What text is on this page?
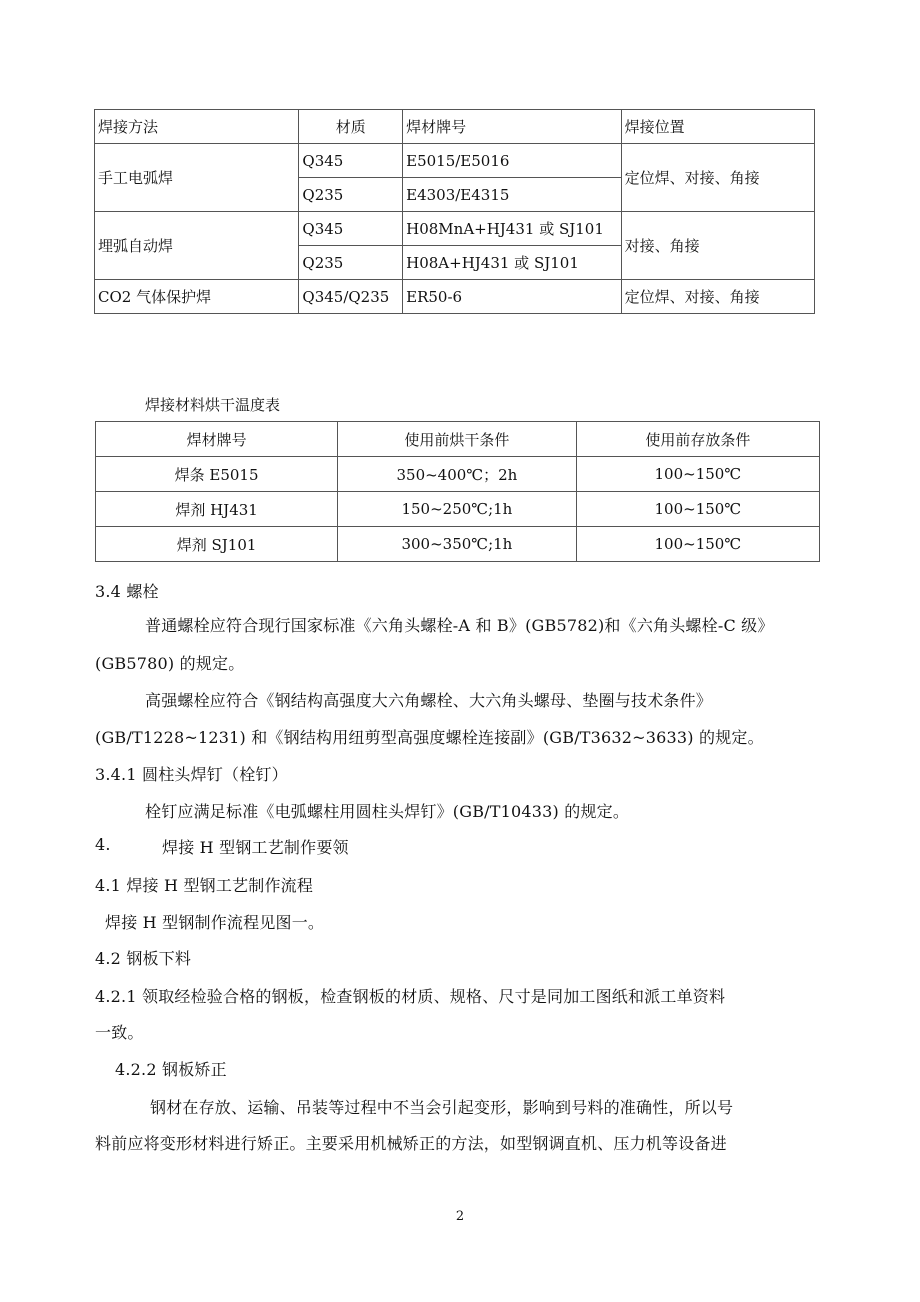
焊接方法	材质	焊材牌号	焊接位置
手工电弧焊	Q345	E5015/E5016	定位焊、对接、角接
	Q235	E4303/E4315	
埋弧自动焊	Q345	H08MnA+HJ431 或 SJ101	对接、角接
	Q235	H08A+HJ431 或 SJ101	
CO2 气体保护焊	Q345/Q235	ER50-6	定位焊、对接、角接
焊接材料烘干温度表
焊材牌号	使用前烘干条件	使用前存放条件
焊条 E5015	350~400℃；2h	100~150℃
焊剂 HJ431	150~250℃;1h	100~150℃
焊剂 SJ101	300~350℃;1h	100~150℃
3.4 螺栓
普通螺栓应符合现行国家标准《六角头螺栓-A 和 B》(GB5782)和《六角头螺栓-C 级》
(GB5780) 的规定。
高强螺栓应符合《钢结构高强度大六角螺栓、大六角头螺母、垫圈与技术条件》
(GB/T1228~1231) 和《钢结构用纽剪型高强度螺栓连接副》(GB/T3632~3633) 的规定。
3.4.1 圆柱头焊钉（栓钉）
栓钉应满足标准《电弧螺柱用圆柱头焊钉》(GB/T10433) 的规定。
4.	焊接 H 型钢工艺制作要领
4.1 焊接 H 型钢工艺制作流程
焊接 H 型钢制作流程见图一。
4.2 钢板下料
4.2.1 领取经检验合格的钢板，检查钢板的材质、规格、尺寸是同加工图纸和派工单资料
一致。
4.2.2 钢板矫正
钢材在存放、运输、吊装等过程中不当会引起变形，影响到号料的准确性，所以号
料前应将变形材料进行矫正。主要采用机械矫正的方法，如型钢调直机、压力机等设备进
2
